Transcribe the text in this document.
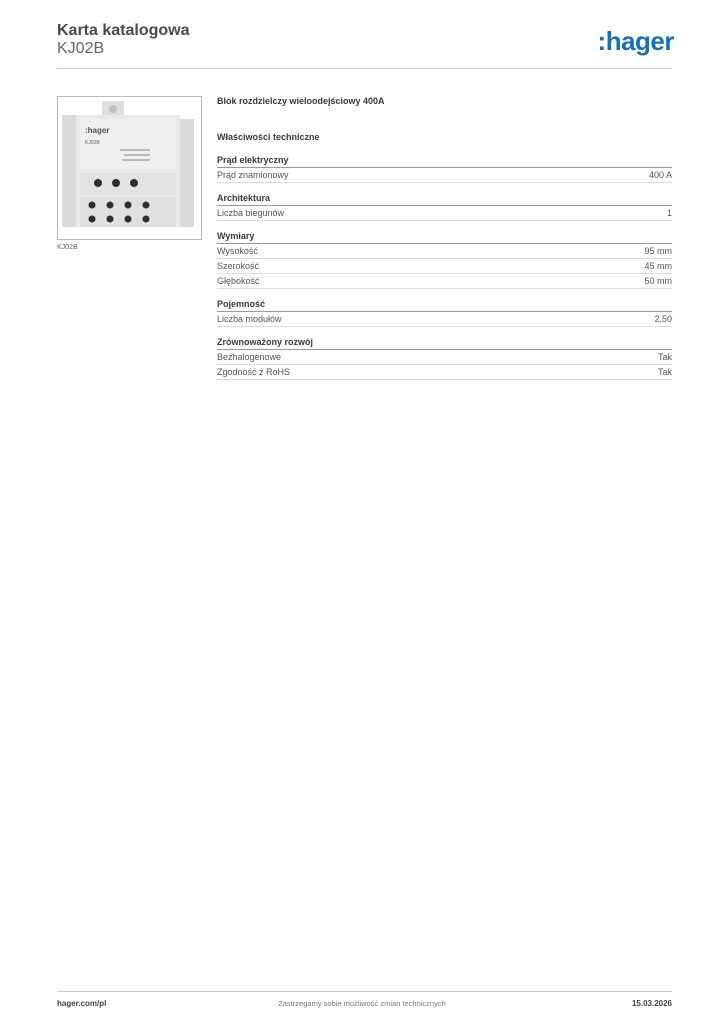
Karta katalogowa
KJ02B	:hager
:hager
KJ02B
KJ02B
Blok rozdzielczy wieloodejściowy 400A
Właściwości techniczne
Prąd elektryczny
Prąd znamionowy	400 A
Architektura
Liczba biegunów	1
Wymiary
Wysokość	95 mm
Szerokość	45 mm
Głębokość	50 mm
Pojemność
Liczba modułów	2,50
Zrównoważony rozwój
Bezhalogenowe	Tak
Zgodność z RoHS	Tak
hager.com/pl	Zastrzegamy sobie możliwość zmian technicznych	15.03.2026
